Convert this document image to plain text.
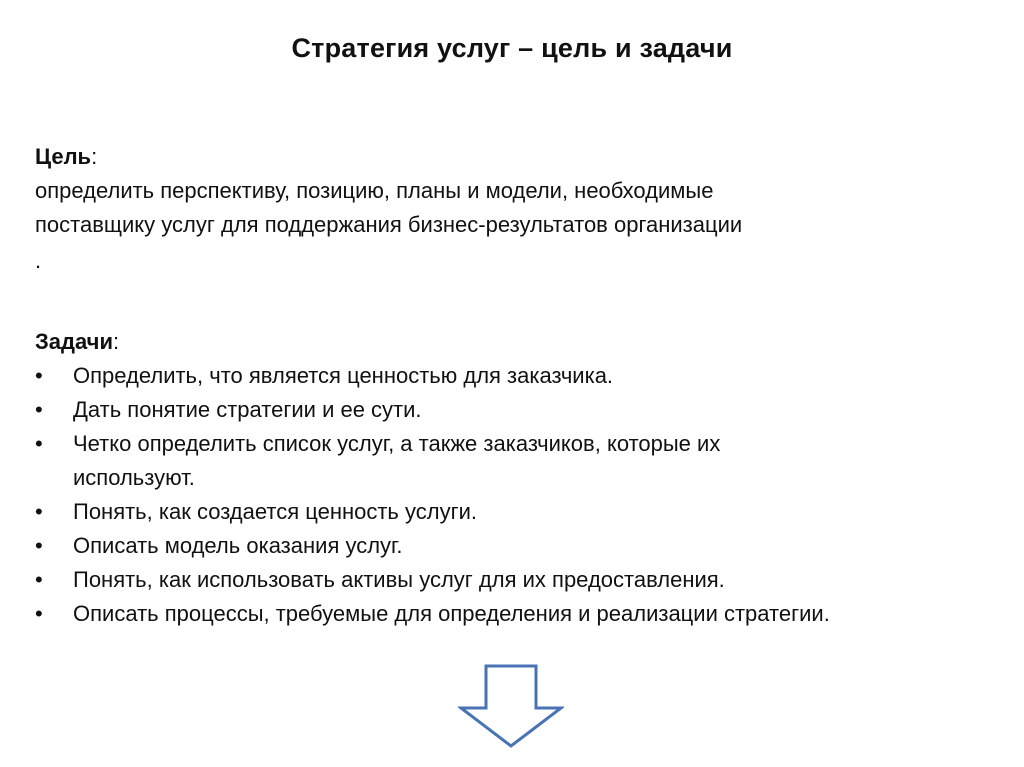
Стратегия услуг – цель и задачи
Цель:
определить перспективу, позицию, планы и модели, необходимые
поставщику услуг для поддержания бизнес-результатов организации
.
Задачи:
•	Определить, что является ценностью для заказчика.
•	Дать понятие стратегии и ее сути.
•	Четко определить список услуг, а также заказчиков, которые их
используют.
•	Понять, как создается ценность услуги.
•	Описать модель оказания услуг.
•	Понять, как использовать активы услуг для их предоставления.
•	Описать процессы, требуемые для определения и реализации стратегии.
